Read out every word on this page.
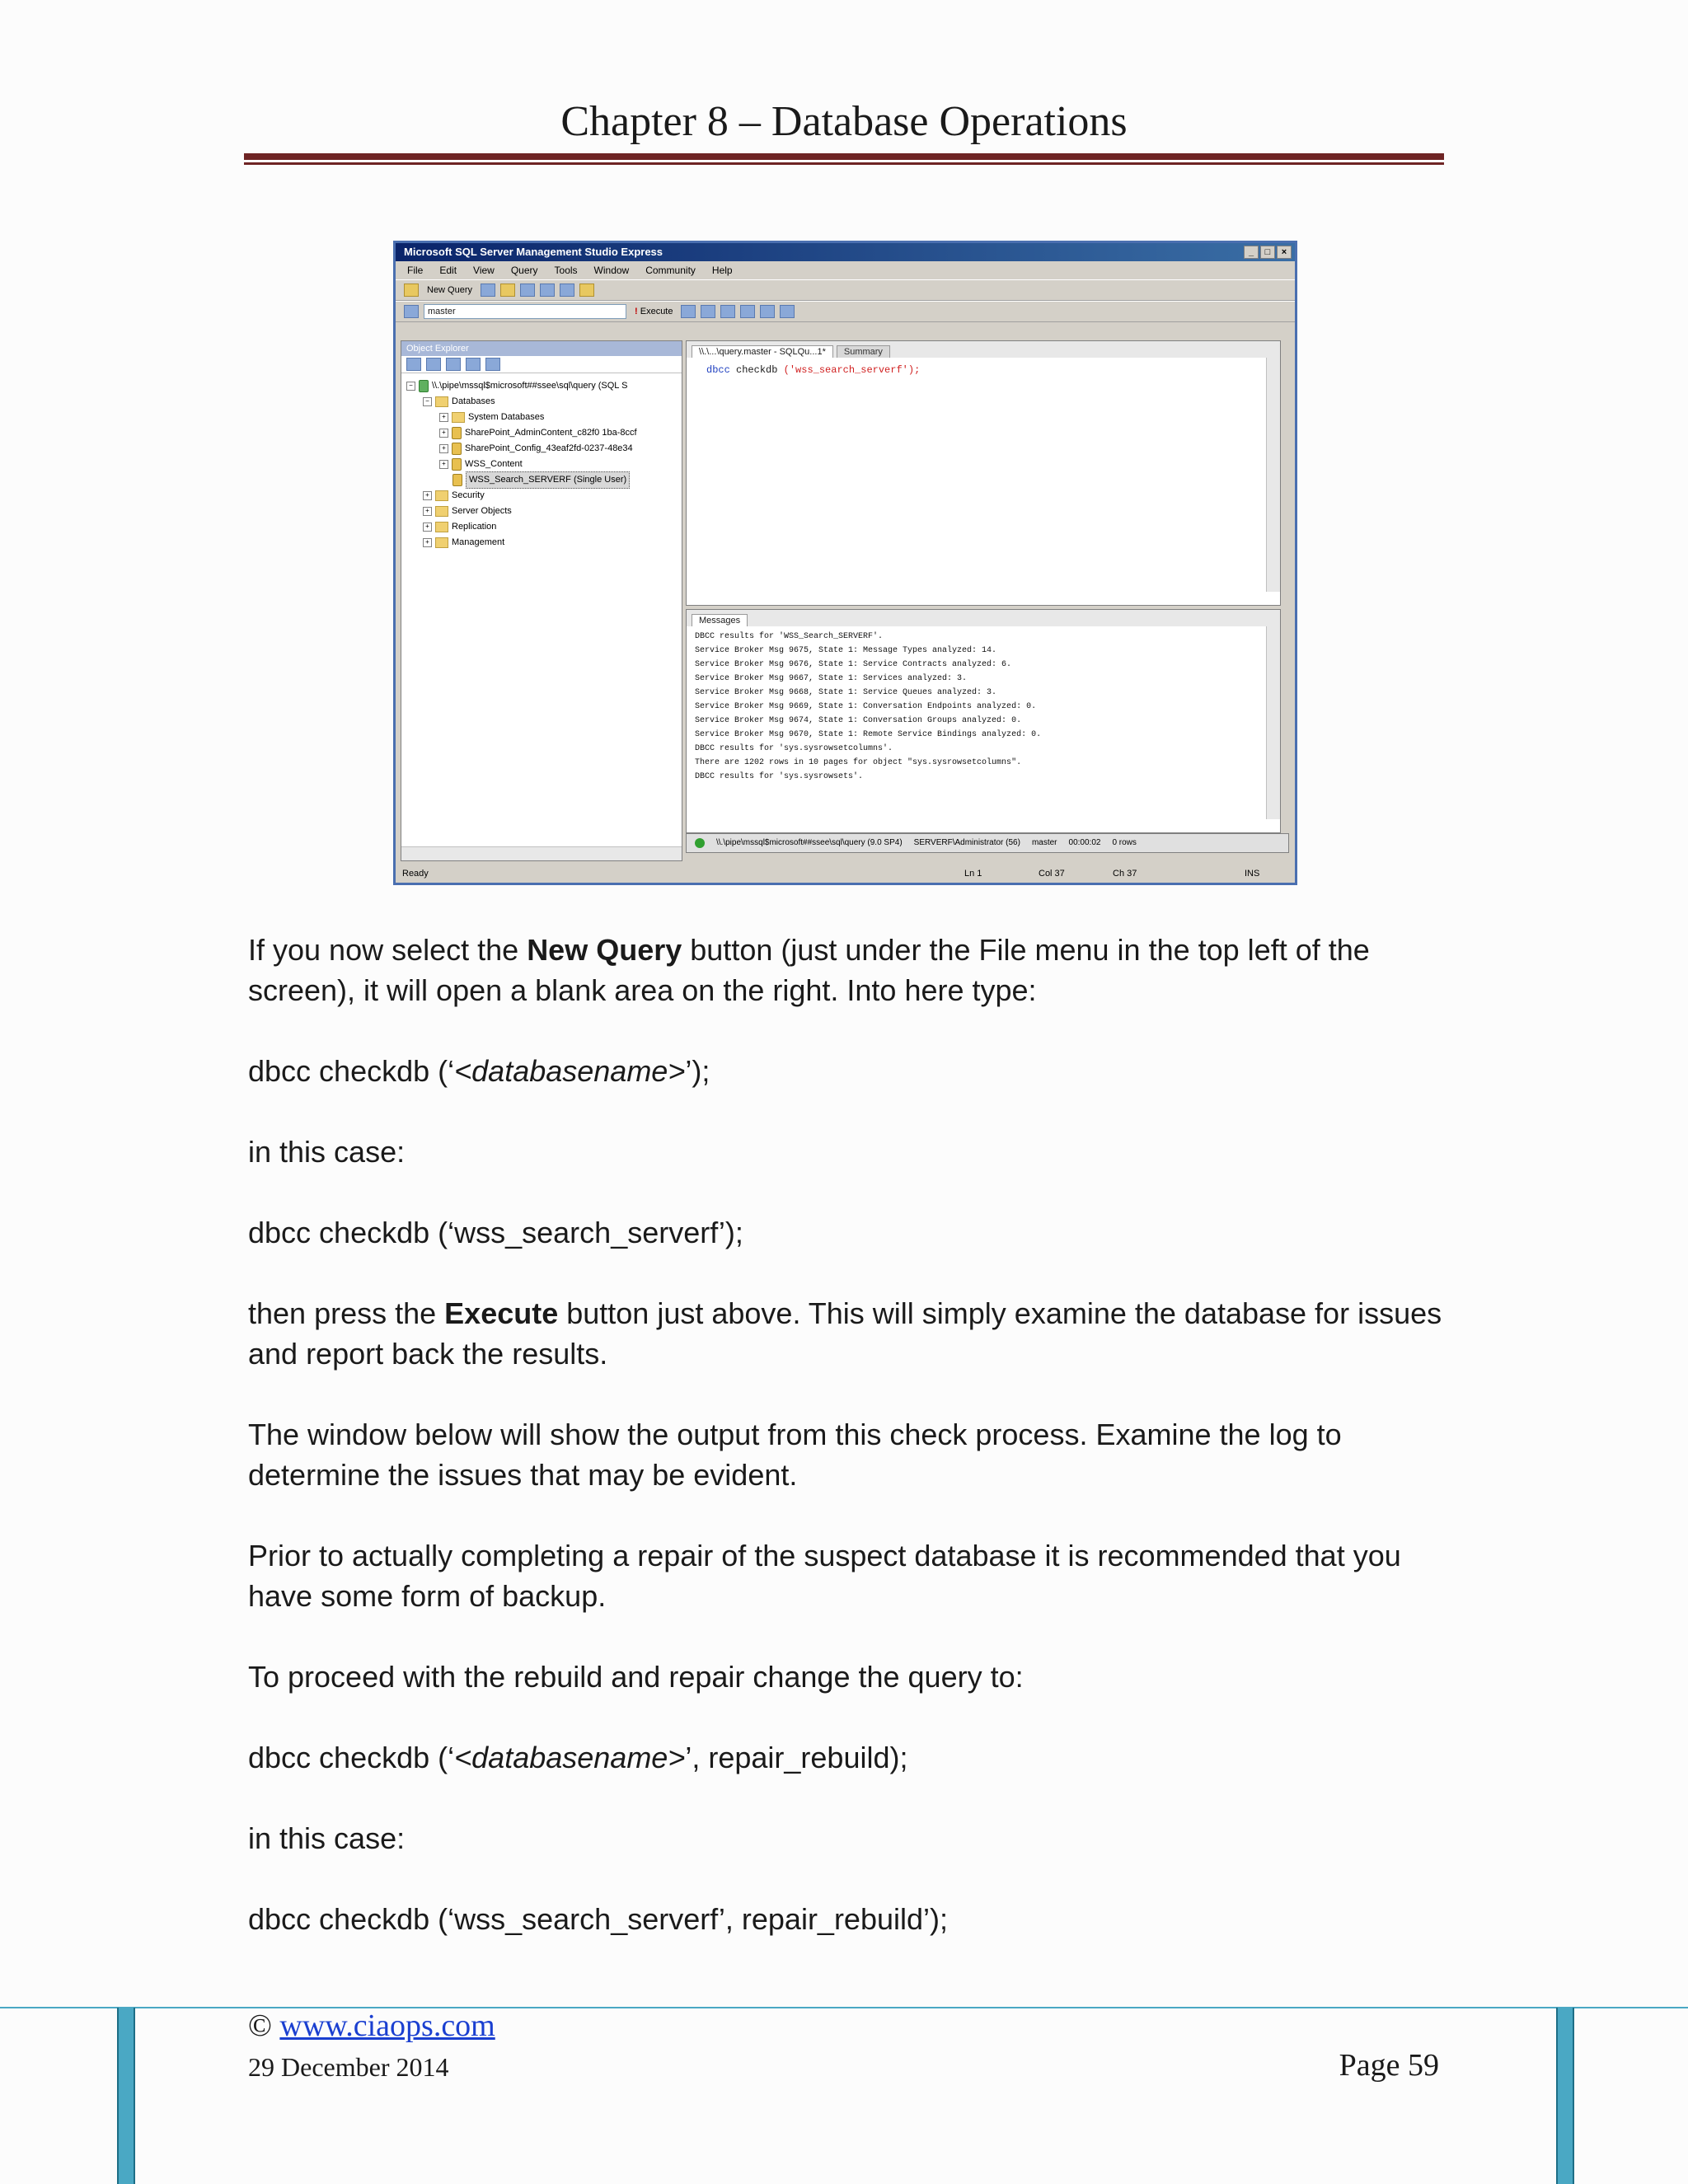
Chapter 8 – Database Operations
Microsoft SQL Server Management Studio Express	_	□	×
File Edit View Query Tools Window Community Help
New Query
master	! Execute
Object Explorer
− \\.\pipe\mssql$microsoft##ssee\sql\query (SQL S
− Databases
+ System Databases
+ SharePoint_AdminContent_c82f0 1ba-8ccf
+ SharePoint_Config_43eaf2fd-0237-48e34
+ WSS_Content
WSS_Search_SERVERF (Single User)
+ Security
+ Server Objects
+ Replication
+ Management
\\.\...\query.master - SQLQu...1*	Summary
dbcc checkdb ('wss_search_serverf');
Messages
DBCC results for 'WSS_Search_SERVERF'.
Service Broker Msg 9675, State 1: Message Types analyzed: 14.
Service Broker Msg 9676, State 1: Service Contracts analyzed: 6.
Service Broker Msg 9667, State 1: Services analyzed: 3.
Service Broker Msg 9668, State 1: Service Queues analyzed: 3.
Service Broker Msg 9669, State 1: Conversation Endpoints analyzed: 0.
Service Broker Msg 9674, State 1: Conversation Groups analyzed: 0.
Service Broker Msg 9670, State 1: Remote Service Bindings analyzed: 0.
DBCC results for 'sys.sysrowsetcolumns'.
There are 1202 rows in 10 pages for object "sys.sysrowsetcolumns".
DBCC results for 'sys.sysrowsets'.
\\.\pipe\mssql$microsoft##ssee\sql\query (9.0 SP4) SERVERF\Administrator (56) master 00:00:02 0 rows
Ready	Ln 1	Col 37	Ch 37	INS

If you now select the New Query button (just under the File menu in the top left of the screen), it will open a blank area on the right. Into here type:

dbcc checkdb (‘<databasename>’);

in this case:

dbcc checkdb (‘wss_search_serverf’);

then press the Execute button just above. This will simply examine the database for issues and report back the results.

The window below will show the output from this check process. Examine the log to determine the issues that may be evident.

Prior to actually completing a repair of the suspect database it is recommended that you have some form of backup.

To proceed with the rebuild and repair change the query to:

dbcc checkdb (‘<databasename>’, repair_rebuild);

in this case:

dbcc checkdb (‘wss_search_serverf’, repair_rebuild’);

© www.ciaops.com
29 December 2014	Page 59
